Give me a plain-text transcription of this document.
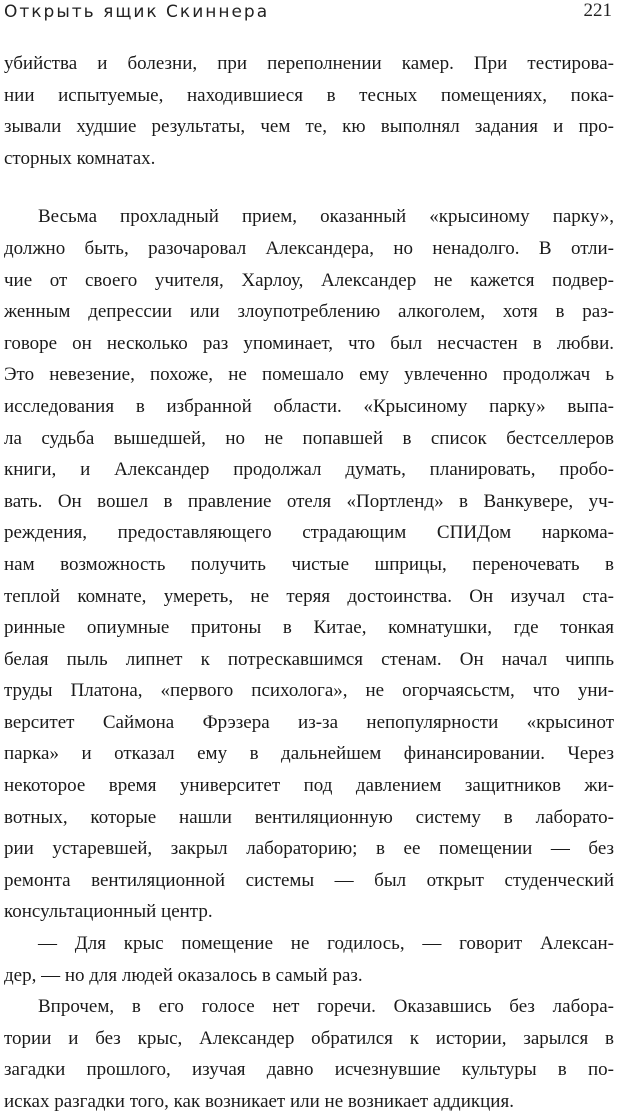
Открыть ящик Скиннера	221
убийства и болезни, при переполнении камер. При тестирова-
нии испытуемые, находившиеся в тесных помещениях, пока-
зывали худшие результаты, чем те, кю выполнял задания и про-
сторных комнатах.
Весьма прохладный прием, оказанный «крысиному парку»,
должно быть, разочаровал Александера, но ненадолго. В отли-
чие от своего учителя, Харлоу, Александер не кажется подвер-
женным депрессии или злоупотреблению алкоголем, хотя в раз-
говоре он несколько раз упоминает, что был несчастен в любви.
Это невезение, похоже, не помешало ему увлеченно продолжач ь
исследования в избранной области. «Крысиному парку» выпа-
ла судьба вышедшей, но не попавшей в список бестселлеров
книги, и Александер продолжал думать, планировать, пробо-
вать. Он вошел в правление отеля «Портленд» в Ванкувере, уч-
реждения, предоставляющего страдающим СПИДом наркома-
нам возможность получить чистые шприцы, переночевать в
теплой комнате, умереть, не теряя достоинства. Он изучал ста-
ринные опиумные притоны в Китае, комнатушки, где тонкая
белая пыль липнет к потрескавшимся стенам. Он начал чиппь
труды Платона, «первого психолога», не огорчаясьстм, что уни-
верситет Саймона Фрэзера из-за непопулярности «крысинот
парка» и отказал ему в дальнейшем финансировании. Через
некоторое время университет под давлением защитников жи-
вотных, которые нашли вентиляционную систему в лаборато-
рии устаревшей, закрыл лабораторию; в ее помещении — без
ремонта вентиляционной системы — был открыт студенческий
консультационный центр.
— Для крыс помещение не годилось, — говорит Алексан-
дер, — но для людей оказалось в самый раз.
Впрочем, в его голосе нет горечи. Оказавшись без лабора-
тории и без крыс, Александер обратился к истории, зарылся в
загадки прошлого, изучая давно исчезнувшие культуры в по-
исках разгадки того, как возникает или не возникает аддикция.
